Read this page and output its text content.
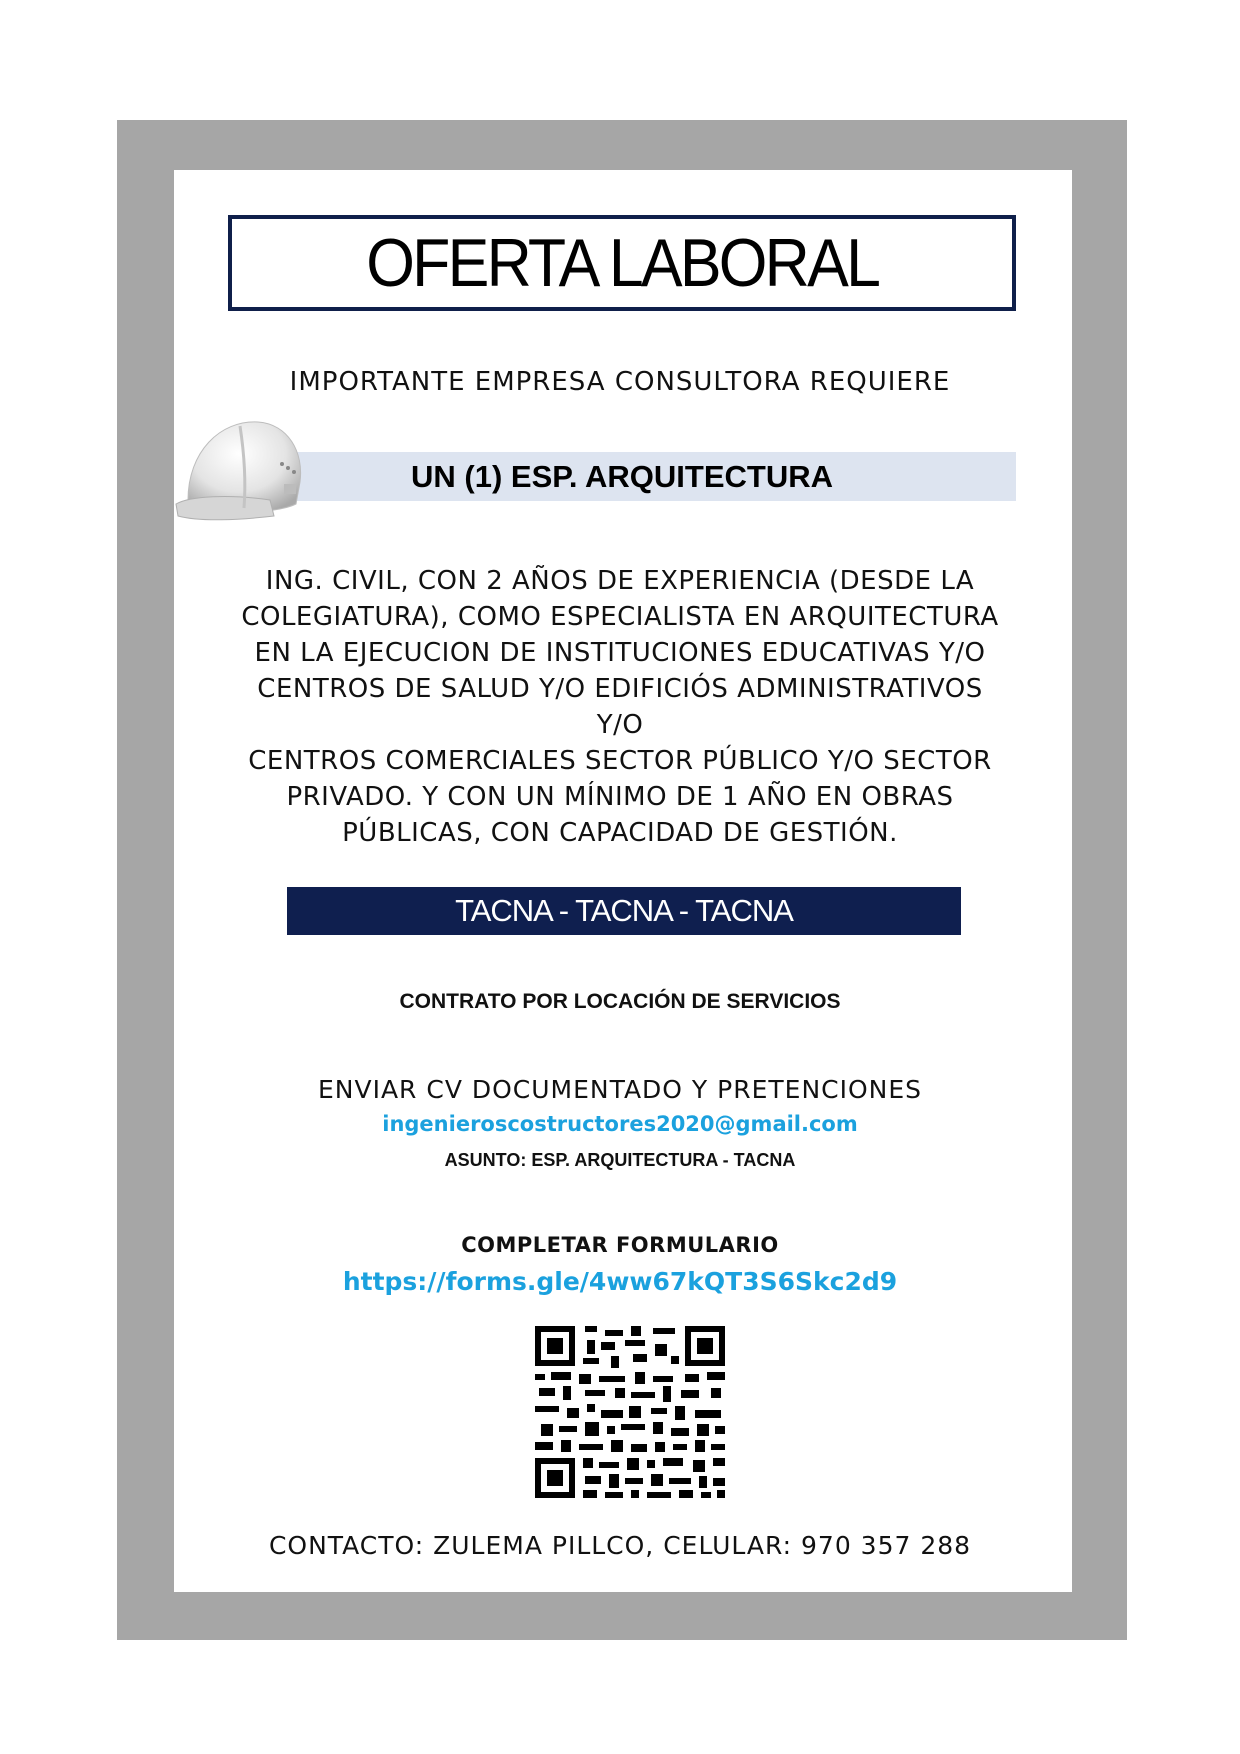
OFERTA LABORAL
IMPORTANTE EMPRESA CONSULTORA REQUIERE
UN (1) ESP. ARQUITECTURA
ING. CIVIL, CON 2 AÑOS DE EXPERIENCIA (DESDE LA
COLEGIATURA), COMO ESPECIALISTA EN ARQUITECTURA
EN LA EJECUCION DE INSTITUCIONES EDUCATIVAS Y/O
CENTROS DE SALUD Y/O EDIFICIÓS ADMINISTRATIVOS Y/O
CENTROS COMERCIALES SECTOR PÚBLICO Y/O SECTOR
PRIVADO. Y CON UN MÍNIMO DE 1 AÑO EN OBRAS
PÚBLICAS, CON CAPACIDAD DE GESTIÓN.
TACNA - TACNA - TACNA
CONTRATO POR LOCACIÓN DE SERVICIOS
ENVIAR CV DOCUMENTADO Y PRETENCIONES
ingenieroscostructores2020@gmail.com
ASUNTO: ESP. ARQUITECTURA - TACNA
COMPLETAR FORMULARIO
https://forms.gle/4ww67kQT3S6Skc2d9
CONTACTO: ZULEMA PILLCO, CELULAR: 970 357 288
